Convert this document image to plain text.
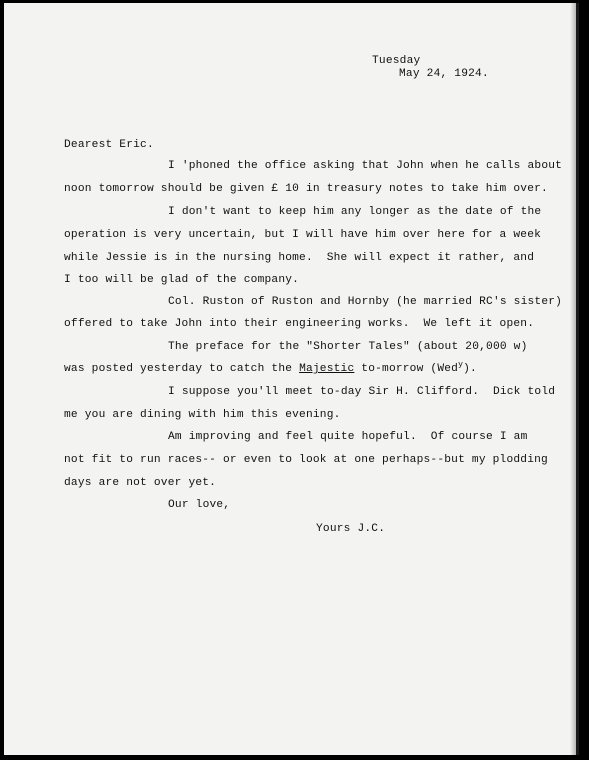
Tuesday
May 24, 1924.
Dearest Eric.
I 'phoned the office asking that John when he calls about
noon tomorrow should be given £ 10 in treasury notes to take him over.
I don't want to keep him any longer as the date of the
operation is very uncertain, but I will have him over here for a week
while Jessie is in the nursing home.  She will expect it rather, and
I too will be glad of the company.
Col. Ruston of Ruston and Hornby (he married RC's sister)
offered to take John into their engineering works.  We left it open.
The preface for the "Shorter Tales" (about 20,000 w)
was posted yesterday to catch the Majestic to-morrow (Wed$^y$).
I suppose you'll meet to-day Sir H. Clifford.  Dick told
me you are dining with him this evening.
Am improving and feel quite hopeful.  Of course I am
not fit to run races-- or even to look at one perhaps--but my plodding
days are not over yet.
Our love,
Yours J.C.
